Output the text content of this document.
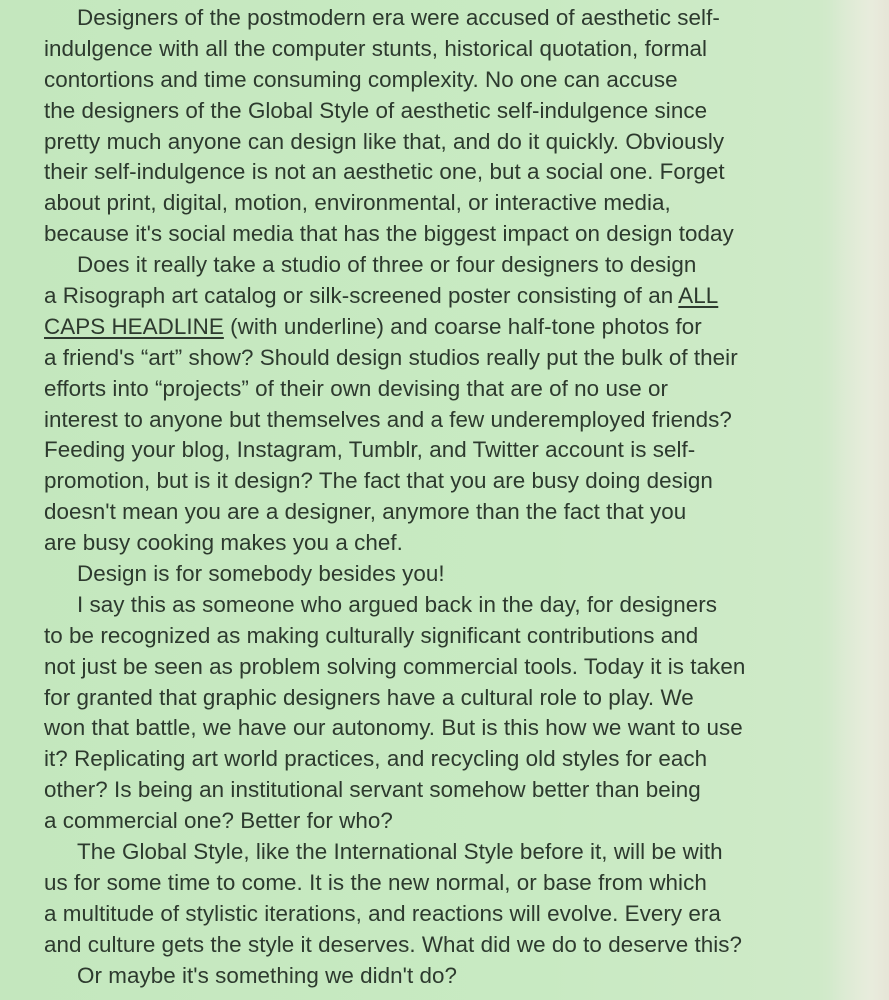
Designers of the postmodern era were accused of aesthetic self-
indulgence with all the computer stunts, historical quotation, formal
contortions and time consuming complexity. No one can accuse
the designers of the Global Style of aesthetic self-indulgence since
pretty much anyone can design like that, and do it quickly. Obviously
their self-indulgence is not an aesthetic one, but a social one. Forget
about print, digital, motion, environmental, or interactive media,
because it's social media that has the biggest impact on design today
Does it really take a studio of three or four designers to design
a Risograph art catalog or silk-screened poster consisting of an ALL
CAPS HEADLINE (with underline) and coarse half-tone photos for
a friend's “art” show? Should design studios really put the bulk of their
efforts into “projects” of their own devising that are of no use or
interest to anyone but themselves and a few underemployed friends?
Feeding your blog, Instagram, Tumblr, and Twitter account is self-
promotion, but is it design? The fact that you are busy doing design
doesn't mean you are a designer, anymore than the fact that you
are busy cooking makes you a chef.
Design is for somebody besides you!
I say this as someone who argued back in the day, for designers
to be recognized as making culturally significant contributions and
not just be seen as problem solving commercial tools. Today it is taken
for granted that graphic designers have a cultural role to play. We
won that battle, we have our autonomy. But is this how we want to use
it? Replicating art world practices, and recycling old styles for each
other? Is being an institutional servant somehow better than being
a commercial one? Better for who?
The Global Style, like the International Style before it, will be with
us for some time to come. It is the new normal, or base from which
a multitude of stylistic iterations, and reactions will evolve. Every era
and culture gets the style it deserves. What did we do to deserve this?
Or maybe it's something we didn't do?
